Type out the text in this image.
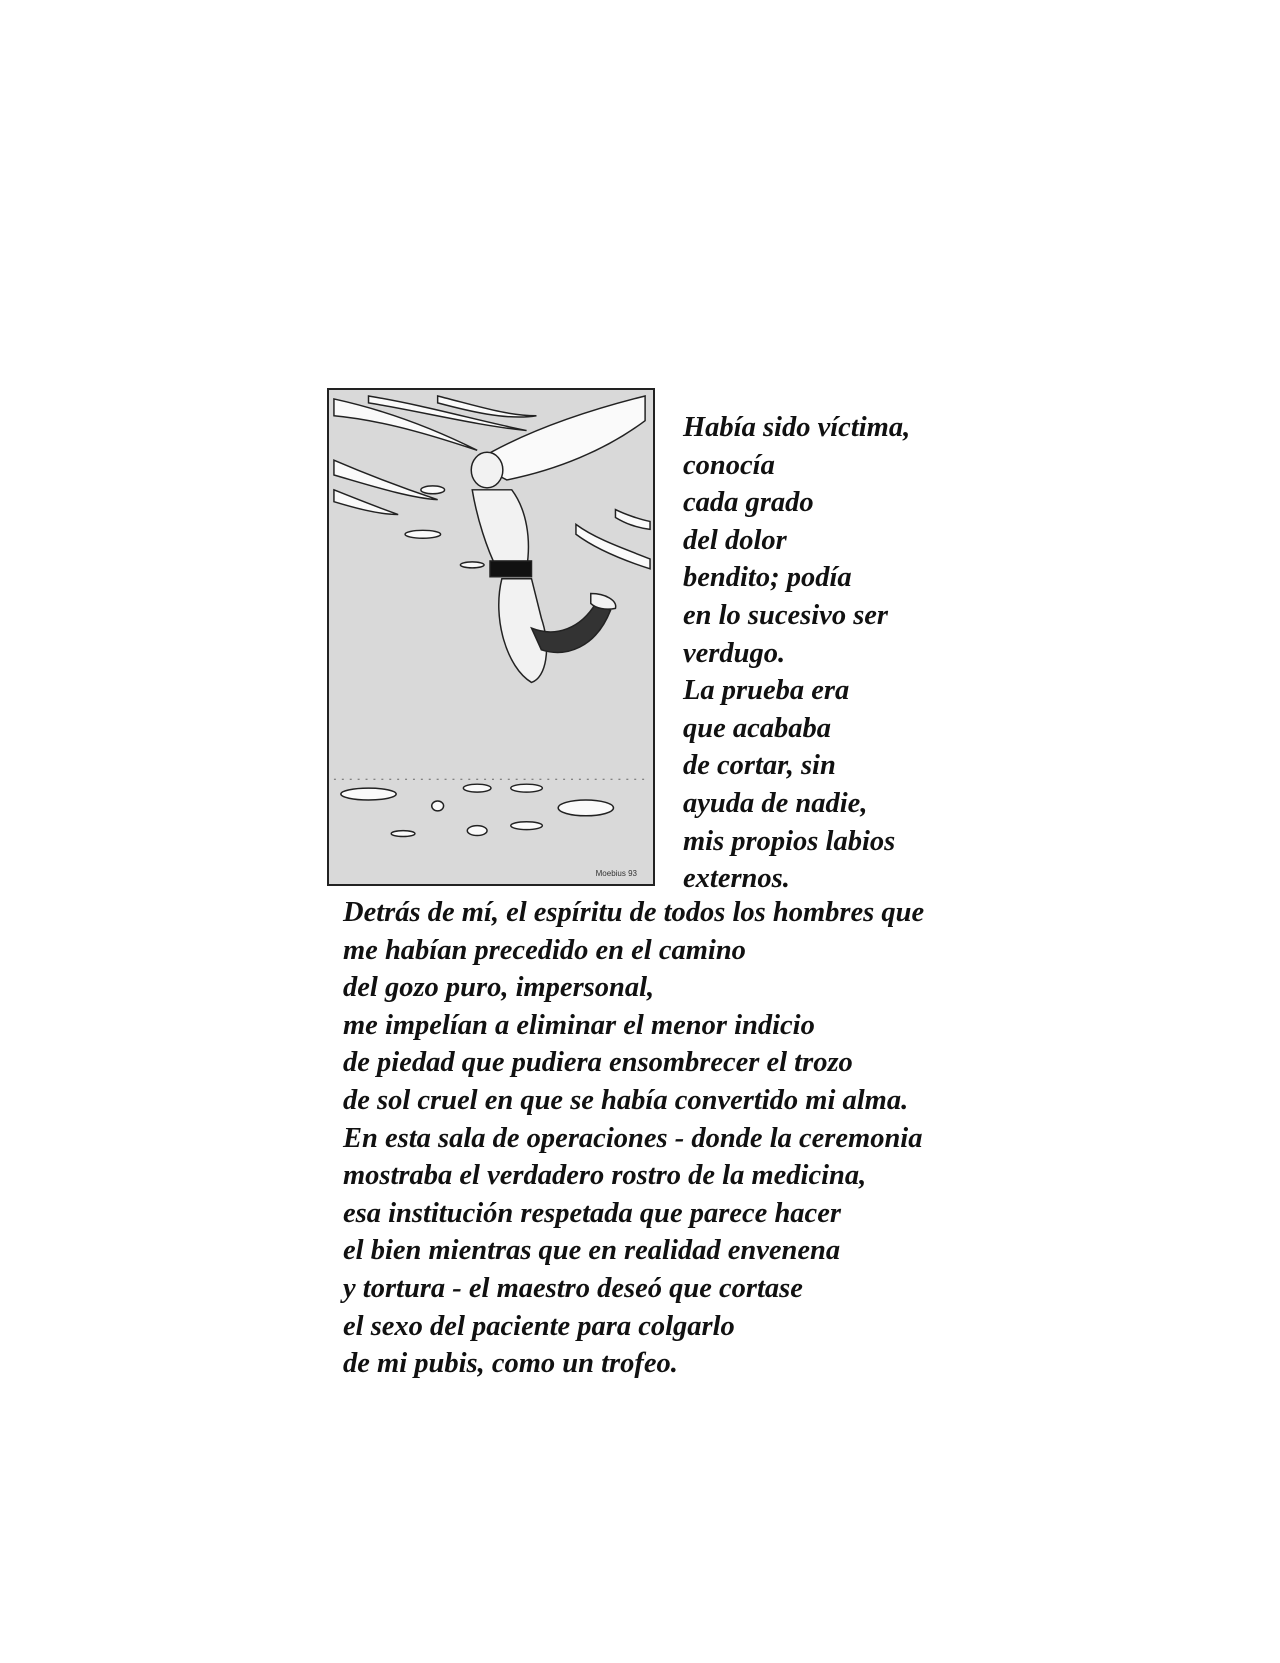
Moebius 93
Había sido víctima,
conocía
cada grado
del dolor
bendito; podía
en lo sucesivo ser
verdugo.
La prueba era
que acababa
de cortar, sin
ayuda de nadie,
mis propios labios
externos.
Detrás de mí, el espíritu de todos los hombres que
me habían precedido en el camino
del gozo puro, impersonal,
me impelían a eliminar el menor indicio
de piedad que pudiera ensombrecer el trozo
de sol cruel en que se había convertido mi alma.
En esta sala de operaciones - donde la ceremonia
mostraba el verdadero rostro de la medicina,
esa institución respetada que parece hacer
el bien mientras que en realidad envenena
y tortura - el maestro deseó que cortase
el sexo del paciente para colgarlo
de mi pubis, como un trofeo.
